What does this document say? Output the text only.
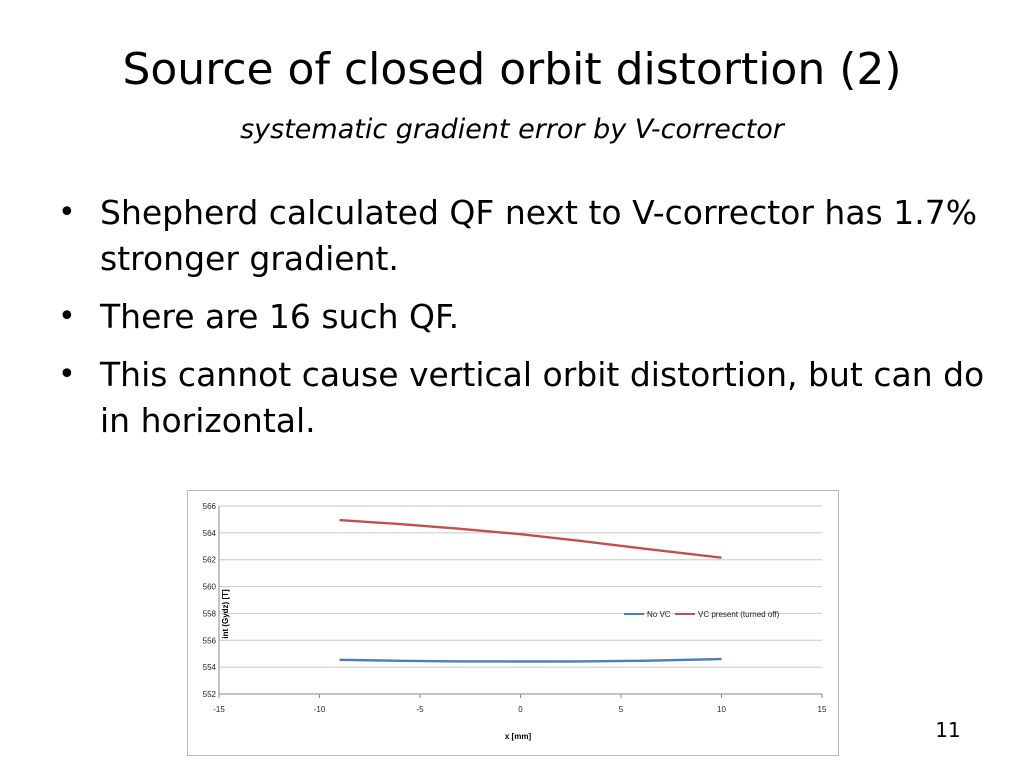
Source of closed orbit distortion (2)
systematic gradient error by V-corrector
• Shepherd calculated QF next to V-corrector has 1.7% stronger gradient.
• There are 16 such QF.
• This cannot cause vertical orbit distortion, but can do in horizontal.
552
554
556
558
560
562
564
566
-15	-10	-5	0	5	10	15
No VC	VC present (turned off)
x [mm]
int (Gydz) [T]
11
